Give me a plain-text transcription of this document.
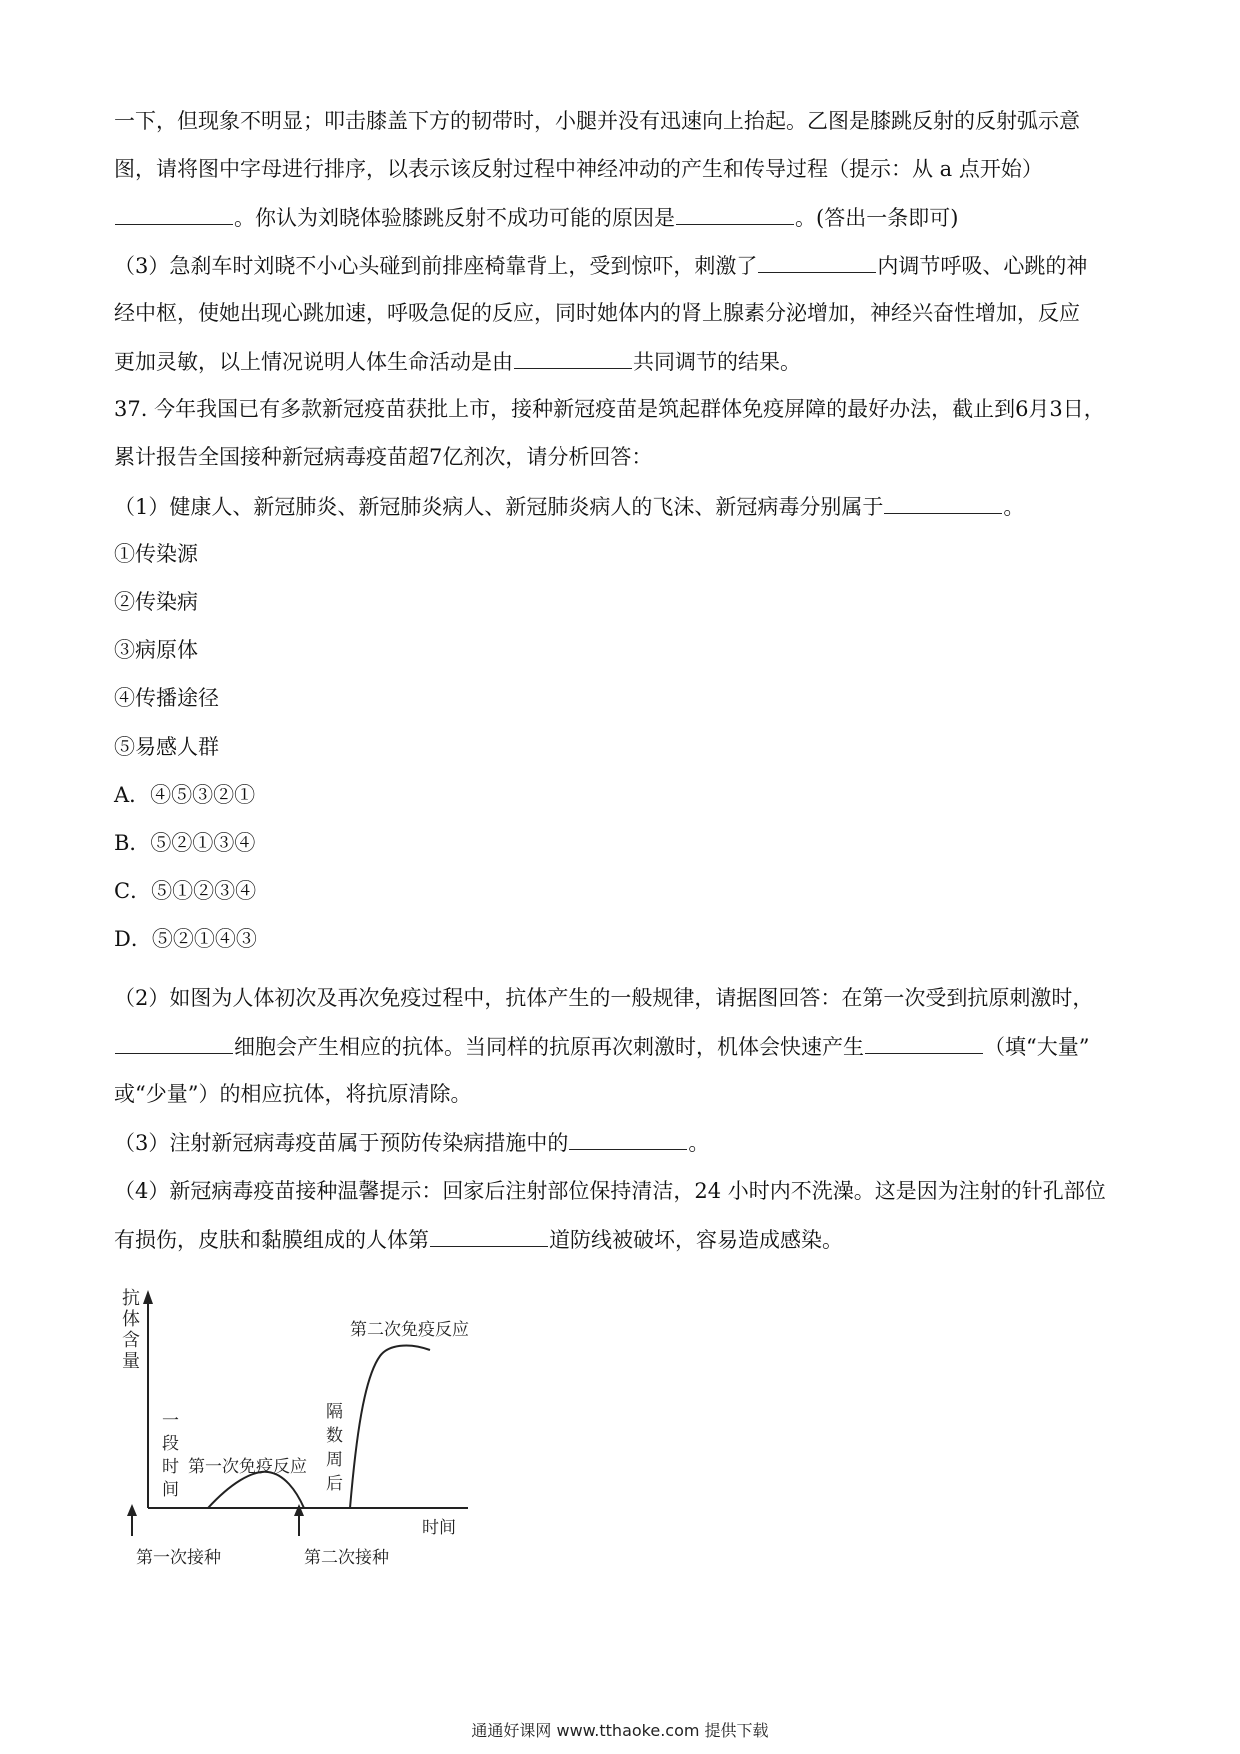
一下，但现象不明显；叩击膝盖下方的韧带时，小腿并没有迅速向上抬起。乙图是膝跳反射的反射弧示意
图，请将图中字母进行排序，以表示该反射过程中神经冲动的产生和传导过程（提示：从 a 点开始）
。你认为刘晓体验膝跳反射不成功可能的原因是	。(答出一条即可)
（3）急刹车时刘晓不小心头碰到前排座椅靠背上，受到惊吓，刺激了	内调节呼吸、心跳的神
经中枢，使她出现心跳加速，呼吸急促的反应，同时她体内的肾上腺素分泌增加，神经兴奋性增加，反应
更加灵敏，以上情况说明人体生命活动是由	共同调节的结果。
37. 今年我国已有多款新冠疫苗获批上市，接种新冠疫苗是筑起群体免疫屏障的最好办法，截止到6月3日，
累计报告全国接种新冠病毒疫苗超7亿剂次，请分析回答：
（1）健康人、新冠肺炎、新冠肺炎病人、新冠肺炎病人的飞沫、新冠病毒分别属于	。
①传染源
②传染病
③病原体
④传播途径
⑤易感人群
A．④⑤③②①
B．⑤②①③④
C．⑤①②③④
D．⑤②①④③
（2）如图为人体初次及再次免疫过程中，抗体产生的一般规律，请据图回答：在第一次受到抗原刺激时，
细胞会产生相应的抗体。当同样的抗原再次刺激时，机体会快速产生	（填“大量”
或“少量”）的相应抗体，将抗原清除。
（3）注射新冠病毒疫苗属于预防传染病措施中的	。
（4）新冠病毒疫苗接种温馨提示：回家后注射部位保持清洁，24 小时内不洗澡。这是因为注射的针孔部位
有损伤，皮肤和黏膜组成的人体第	道防线被破坏，容易造成感染。
抗
体
含
量
一
段
时
间
第一次免疫反应
隔
数
周
后
第二次免疫反应
时间
第一次接种	第二次接种
通通好课网 www.tthaoke.com 提供下载
